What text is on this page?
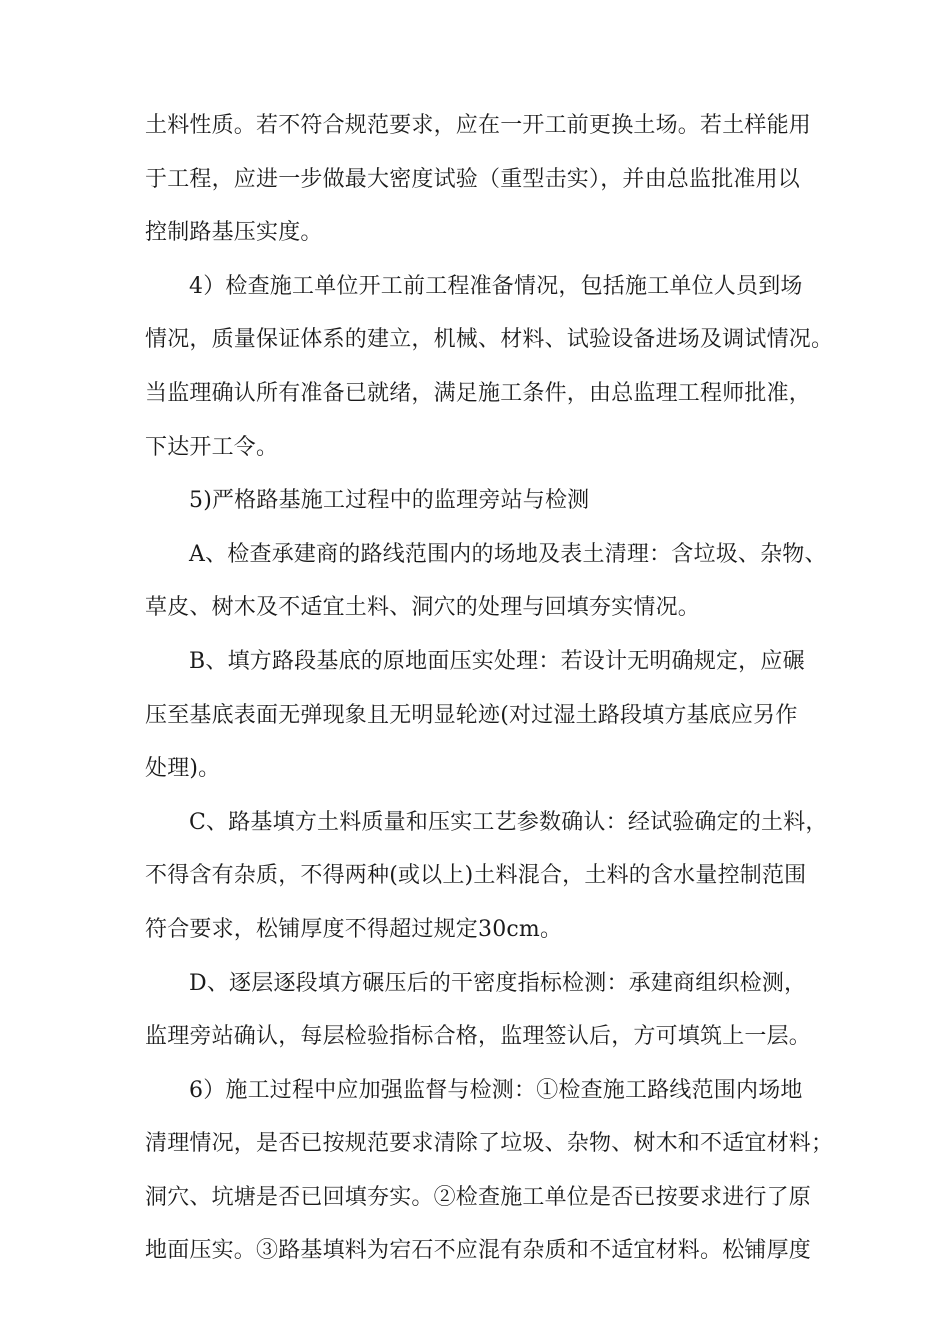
土料性质。若不符合规范要求，应在一开工前更换土场。若土样能用
于工程，应进一步做最大密度试验（重型击实），并由总监批准用以
控制路基压实度。
4）检查施工单位开工前工程准备情况，包括施工单位人员到场
情况，质量保证体系的建立，机械、材料、试验设备进场及调试情况。
当监理确认所有准备已就绪，满足施工条件，由总监理工程师批准，
下达开工令。
5)严格路基施工过程中的监理旁站与检测
A、检查承建商的路线范围内的场地及表土清理：含垃圾、杂物、
草皮、树木及不适宜土料、洞穴的处理与回填夯实情况。
B、填方路段基底的原地面压实处理：若设计无明确规定，应碾
压至基底表面无弹现象且无明显轮迹(对过湿土路段填方基底应另作
处理)。
C、路基填方土料质量和压实工艺参数确认：经试验确定的土料，
不得含有杂质，不得两种(或以上)土料混合，土料的含水量控制范围
符合要求，松铺厚度不得超过规定30cm。
D、逐层逐段填方碾压后的干密度指标检测：承建商组织检测，
监理旁站确认，每层检验指标合格，监理签认后，方可填筑上一层。
6）施工过程中应加强监督与检测：①检查施工路线范围内场地
清理情况，是否已按规范要求清除了垃圾、杂物、树木和不适宜材料；
洞穴、坑塘是否已回填夯实。②检查施工单位是否已按要求进行了原
地面压实。③路基填料为宕石不应混有杂质和不适宜材料。松铺厚度
